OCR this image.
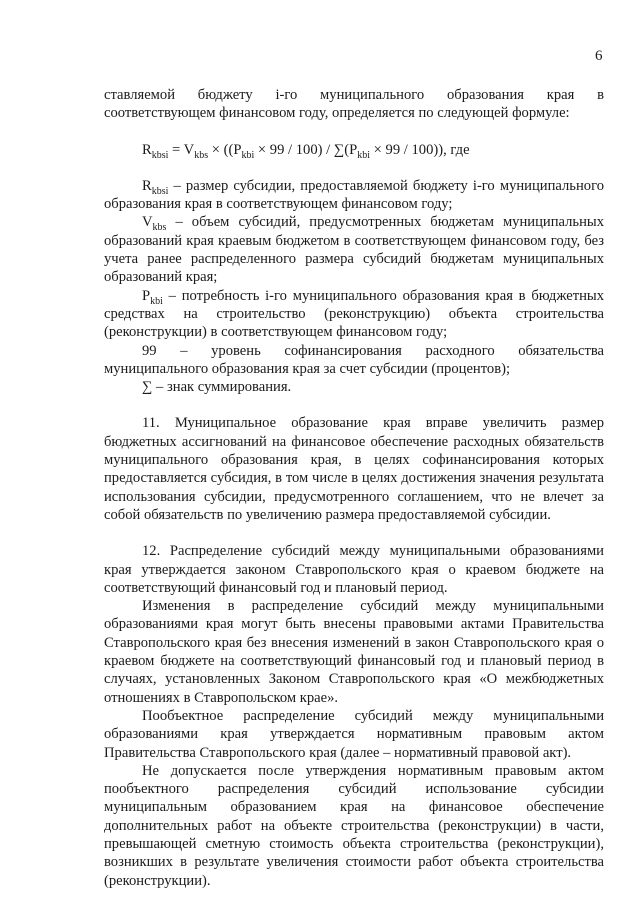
6

ставляемой бюджету i-го муниципального образования края в соответствующем финансовом году, определяется по следующей формуле:

$R_{kbsi} = V_{kbs} \times ((P_{kbi} \times 99 / 100) / \sum(P_{kbi} \times 99 / 100))$, где

$R_{kbsi}$ – размер субсидии, предоставляемой бюджету i-го муниципального образования края в соответствующем финансовом году;

$V_{kbs}$ – объем субсидий, предусмотренных бюджетам муниципальных образований края краевым бюджетом в соответствующем финансовом году, без учета ранее распределенного размера субсидий бюджетам муниципальных образований края;

$P_{kbi}$ – потребность i-го муниципального образования края в бюджетных средствах на строительство (реконструкцию) объекта строительства (реконструкции) в соответствующем финансовом году;

99 – уровень софинансирования расходного обязательства муниципального образования края за счет субсидии (процентов);

∑ – знак суммирования.

11. Муниципальное образование края вправе увеличить размер бюджетных ассигнований на финансовое обеспечение расходных обязательств муниципального образования края, в целях софинансирования которых предоставляется субсидия, в том числе в целях достижения значения результата использования субсидии, предусмотренного соглашением, что не влечет за собой обязательств по увеличению размера предоставляемой субсидии.

12. Распределение субсидий между муниципальными образованиями края утверждается законом Ставропольского края о краевом бюджете на соответствующий финансовый год и плановый период.

Изменения в распределение субсидий между муниципальными образованиями края могут быть внесены правовыми актами Правительства Ставропольского края без внесения изменений в закон Ставропольского края о краевом бюджете на соответствующий финансовый год и плановый период в случаях, установленных Законом Ставропольского края «О межбюджетных отношениях в Ставропольском крае».

Пообъектное распределение субсидий между муниципальными образованиями края утверждается нормативным правовым актом Правительства Ставропольского края (далее – нормативный правовой акт).

Не допускается после утверждения нормативным правовым актом пообъектного распределения субсидий использование субсидии муниципальным образованием края на финансовое обеспечение дополнительных работ на объекте строительства (реконструкции) в части, превышающей сметную стоимость объекта строительства (реконструкции), возникших в результате увеличения стоимости работ объекта строительства (реконструкции).
